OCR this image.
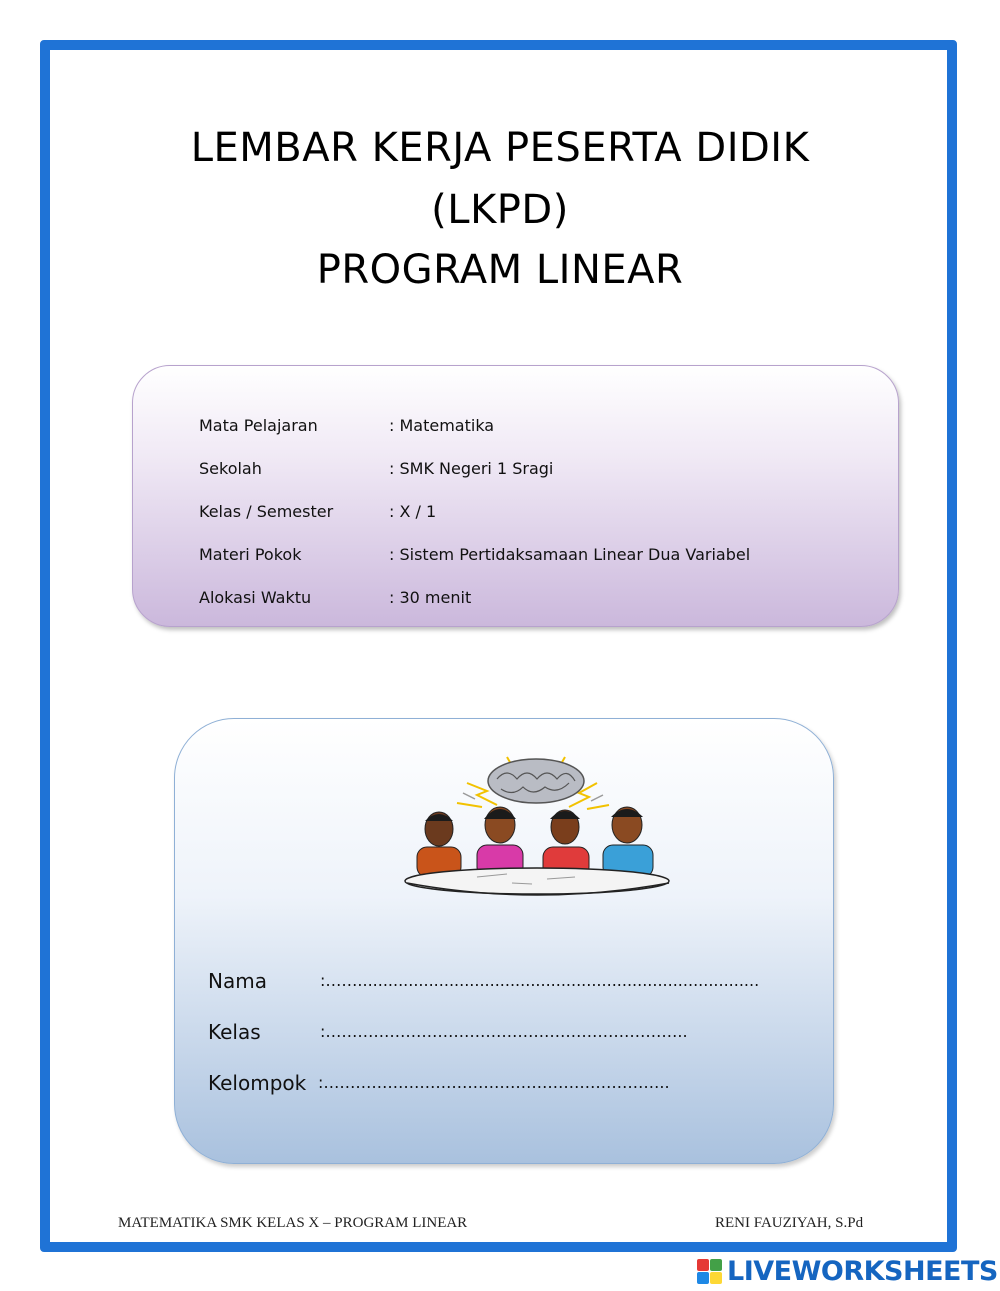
LEMBAR KERJA PESERTA DIDIK
(LKPD)
PROGRAM LINEAR
Mata Pelajaran	: Matematika
Sekolah	: SMK Negeri 1 Sragi
Kelas / Semester	: X / 1
Materi Pokok	: Sistem Pertidaksamaan Linear Dua Variabel
Alokasi Waktu	: 30 menit
Nama	:……...............................................................................
Kelas	:…………………………………………………………..
Kelompok :………………………………………………………..
MATEMATIKA SMK KELAS X – PROGRAM LINEAR	RENI FAUZIYAH, S.Pd
LIVEWORKSHEETS
